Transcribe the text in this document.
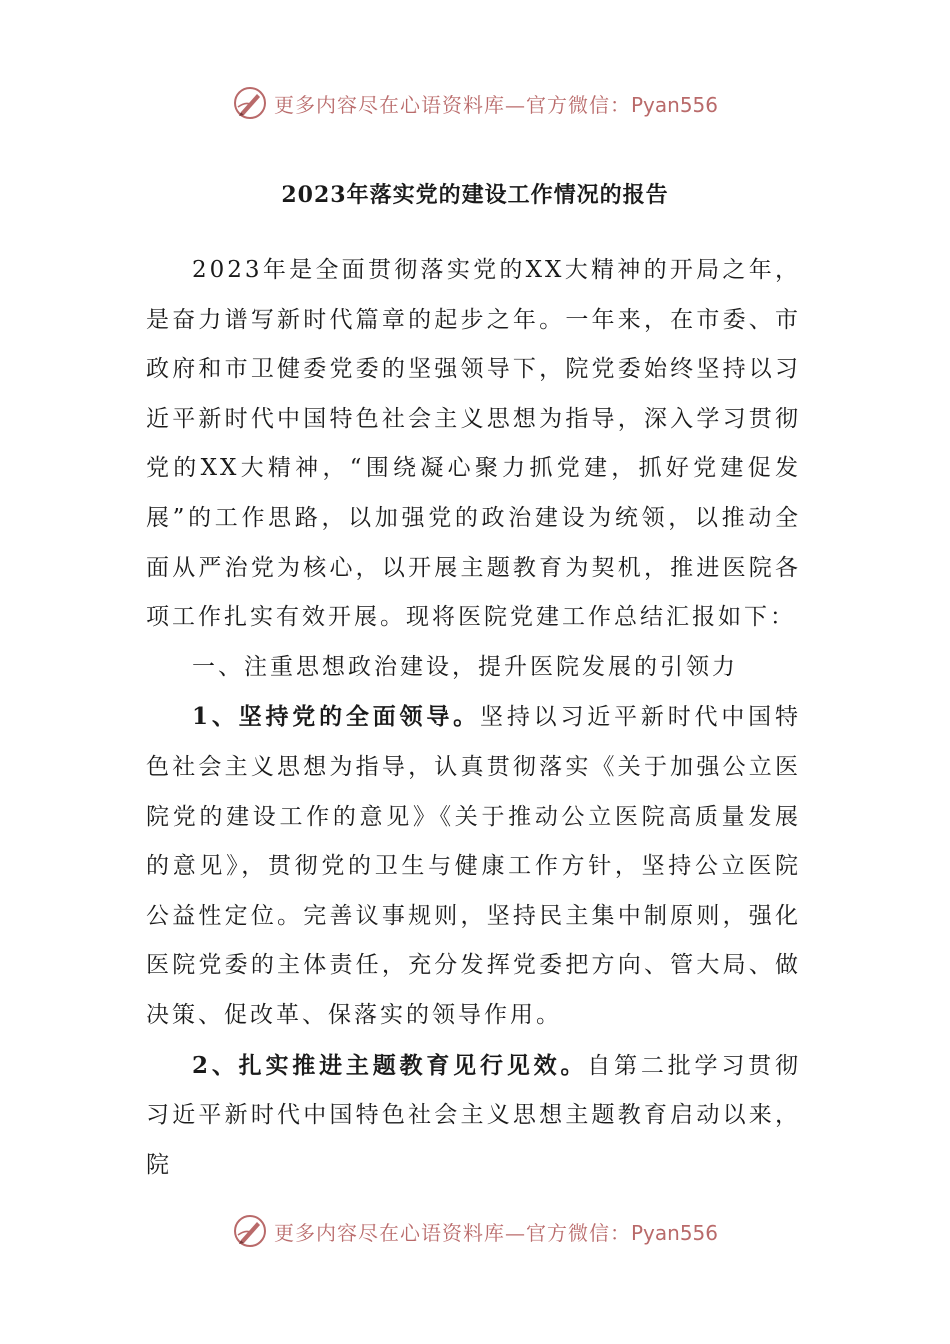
更多内容尽在心语资料库—官方微信：Pyan556
2023年落实党的建设工作情况的报告

2023年是全面贯彻落实党的XX大精神的开局之年，是奋力谱写新时代篇章的起步之年。一年来，在市委、市政府和市卫健委党委的坚强领导下，院党委始终坚持以习近平新时代中国特色社会主义思想为指导，深入学习贯彻党的XX大精神，“围绕凝心聚力抓党建，抓好党建促发展”的工作思路，以加强党的政治建设为统领，以推动全面从严治党为核心，以开展主题教育为契机，推进医院各项工作扎实有效开展。现将医院党建工作总结汇报如下：

一、注重思想政治建设，提升医院发展的引领力

1、坚持党的全面领导。坚持以习近平新时代中国特色社会主义思想为指导，认真贯彻落实《关于加强公立医院党的建设工作的意见》《关于推动公立医院高质量发展的意见》，贯彻党的卫生与健康工作方针，坚持公立医院公益性定位。完善议事规则，坚持民主集中制原则，强化医院党委的主体责任，充分发挥党委把方向、管大局、做决策、促改革、保落实的领导作用。

2、扎实推进主题教育见行见效。自第二批学习贯彻习近平新时代中国特色社会主义思想主题教育启动以来，院

更多内容尽在心语资料库—官方微信：Pyan556
